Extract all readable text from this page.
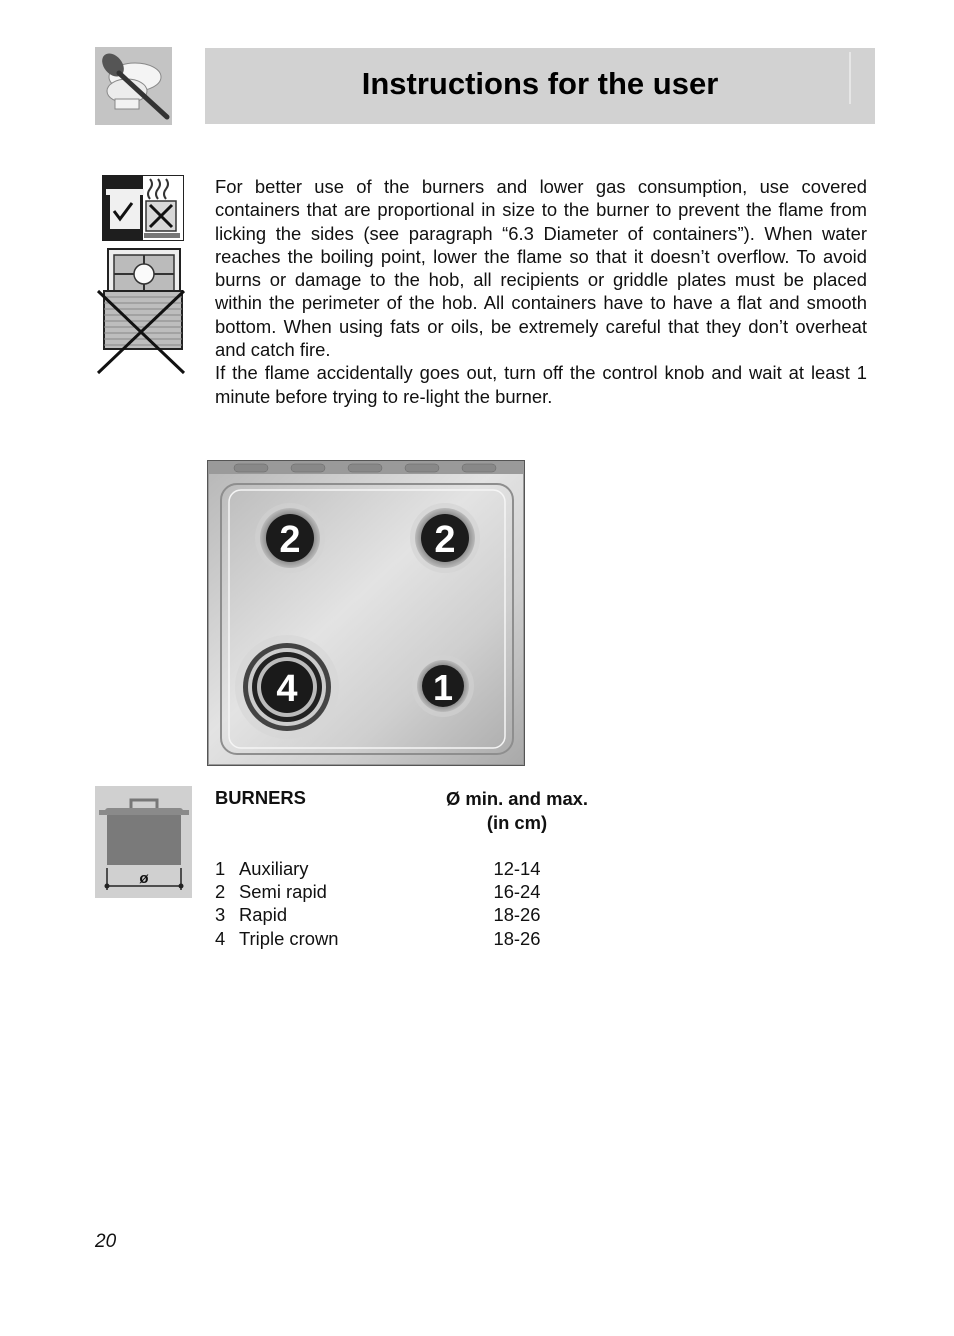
Instructions for the user

For better use of the burners and lower gas consumption, use covered containers that are proportional in size to the burner to prevent the flame from licking the sides (see paragraph “6.3 Diameter of containers”). When water reaches the boiling point, lower the flame so that it doesn’t overflow. To avoid burns or damage to the hob, all recipients or griddle plates must be placed within the perimeter of the hob. All containers have to have a flat and smooth bottom. When using fats or oils, be extremely careful that they don’t overheat and catch fire.

If the flame accidentally goes out, turn off the control knob and wait at least 1 minute before trying to re-light the burner.

2	2
4	1
ø
BURNERS	Ø min. and max.
(in cm)
1 Auxiliary	12-14
2 Semi rapid	16-24
3 Rapid	18-26
4 Triple crown	18-26
20
